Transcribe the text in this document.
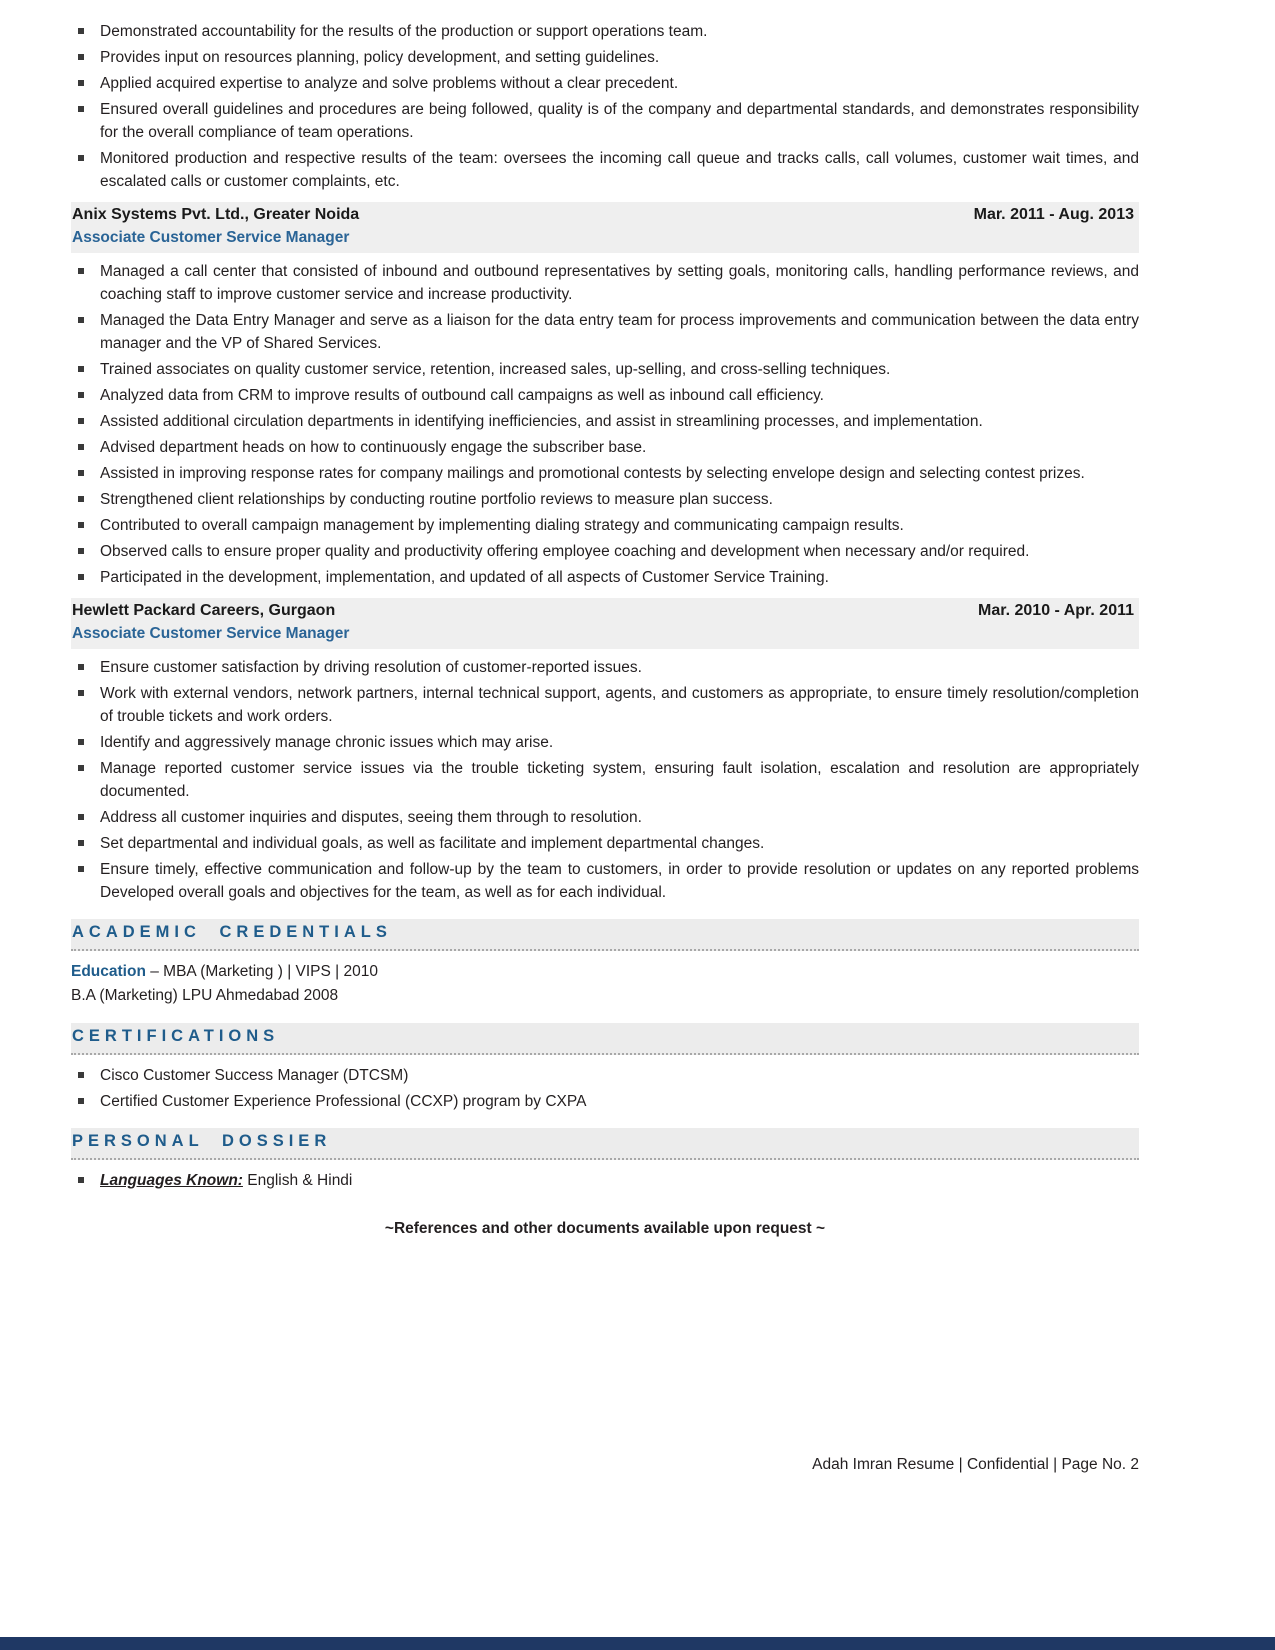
Demonstrated accountability for the results of the production or support operations team.
Provides input on resources planning, policy development, and setting guidelines.
Applied acquired expertise to analyze and solve problems without a clear precedent.
Ensured overall guidelines and procedures are being followed, quality is of the company and departmental standards, and demonstrates responsibility for the overall compliance of team operations.
Monitored production and respective results of the team: oversees the incoming call queue and tracks calls, call volumes, customer wait times, and escalated calls or customer complaints, etc.
Anix Systems Pvt. Ltd., Greater Noida	Mar. 2011 - Aug. 2013
Associate Customer Service Manager
Managed a call center that consisted of inbound and outbound representatives by setting goals, monitoring calls, handling performance reviews, and coaching staff to improve customer service and increase productivity.
Managed the Data Entry Manager and serve as a liaison for the data entry team for process improvements and communication between the data entry manager and the VP of Shared Services.
Trained associates on quality customer service, retention, increased sales, up-selling, and cross-selling techniques.
Analyzed data from CRM to improve results of outbound call campaigns as well as inbound call efficiency.
Assisted additional circulation departments in identifying inefficiencies, and assist in streamlining processes, and implementation.
Advised department heads on how to continuously engage the subscriber base.
Assisted in improving response rates for company mailings and promotional contests by selecting envelope design and selecting contest prizes.
Strengthened client relationships by conducting routine portfolio reviews to measure plan success.
Contributed to overall campaign management by implementing dialing strategy and communicating campaign results.
Observed calls to ensure proper quality and productivity offering employee coaching and development when necessary and/or required.
Participated in the development, implementation, and updated of all aspects of Customer Service Training.
Hewlett Packard Careers, Gurgaon	Mar. 2010 - Apr. 2011
Associate Customer Service Manager
Ensure customer satisfaction by driving resolution of customer-reported issues.
Work with external vendors, network partners, internal technical support, agents, and customers as appropriate, to ensure timely resolution/completion of trouble tickets and work orders.
Identify and aggressively manage chronic issues which may arise.
Manage reported customer service issues via the trouble ticketing system, ensuring fault isolation, escalation and resolution are appropriately documented.
Address all customer inquiries and disputes, seeing them through to resolution.
Set departmental and individual goals, as well as facilitate and implement departmental changes.
Ensure timely, effective communication and follow-up by the team to customers, in order to provide resolution or updates on any reported problems Developed overall goals and objectives for the team, as well as for each individual.
ACADEMIC CREDENTIALS
Education – MBA (Marketing ) | VIPS | 2010
B.A (Marketing) LPU Ahmedabad 2008
CERTIFICATIONS
Cisco Customer Success Manager (DTCSM)
Certified Customer Experience Professional (CCXP) program by CXPA
PERSONAL DOSSIER
Languages Known: English & Hindi
~References and other documents available upon request ~
Adah Imran Resume | Confidential | Page No. 2
